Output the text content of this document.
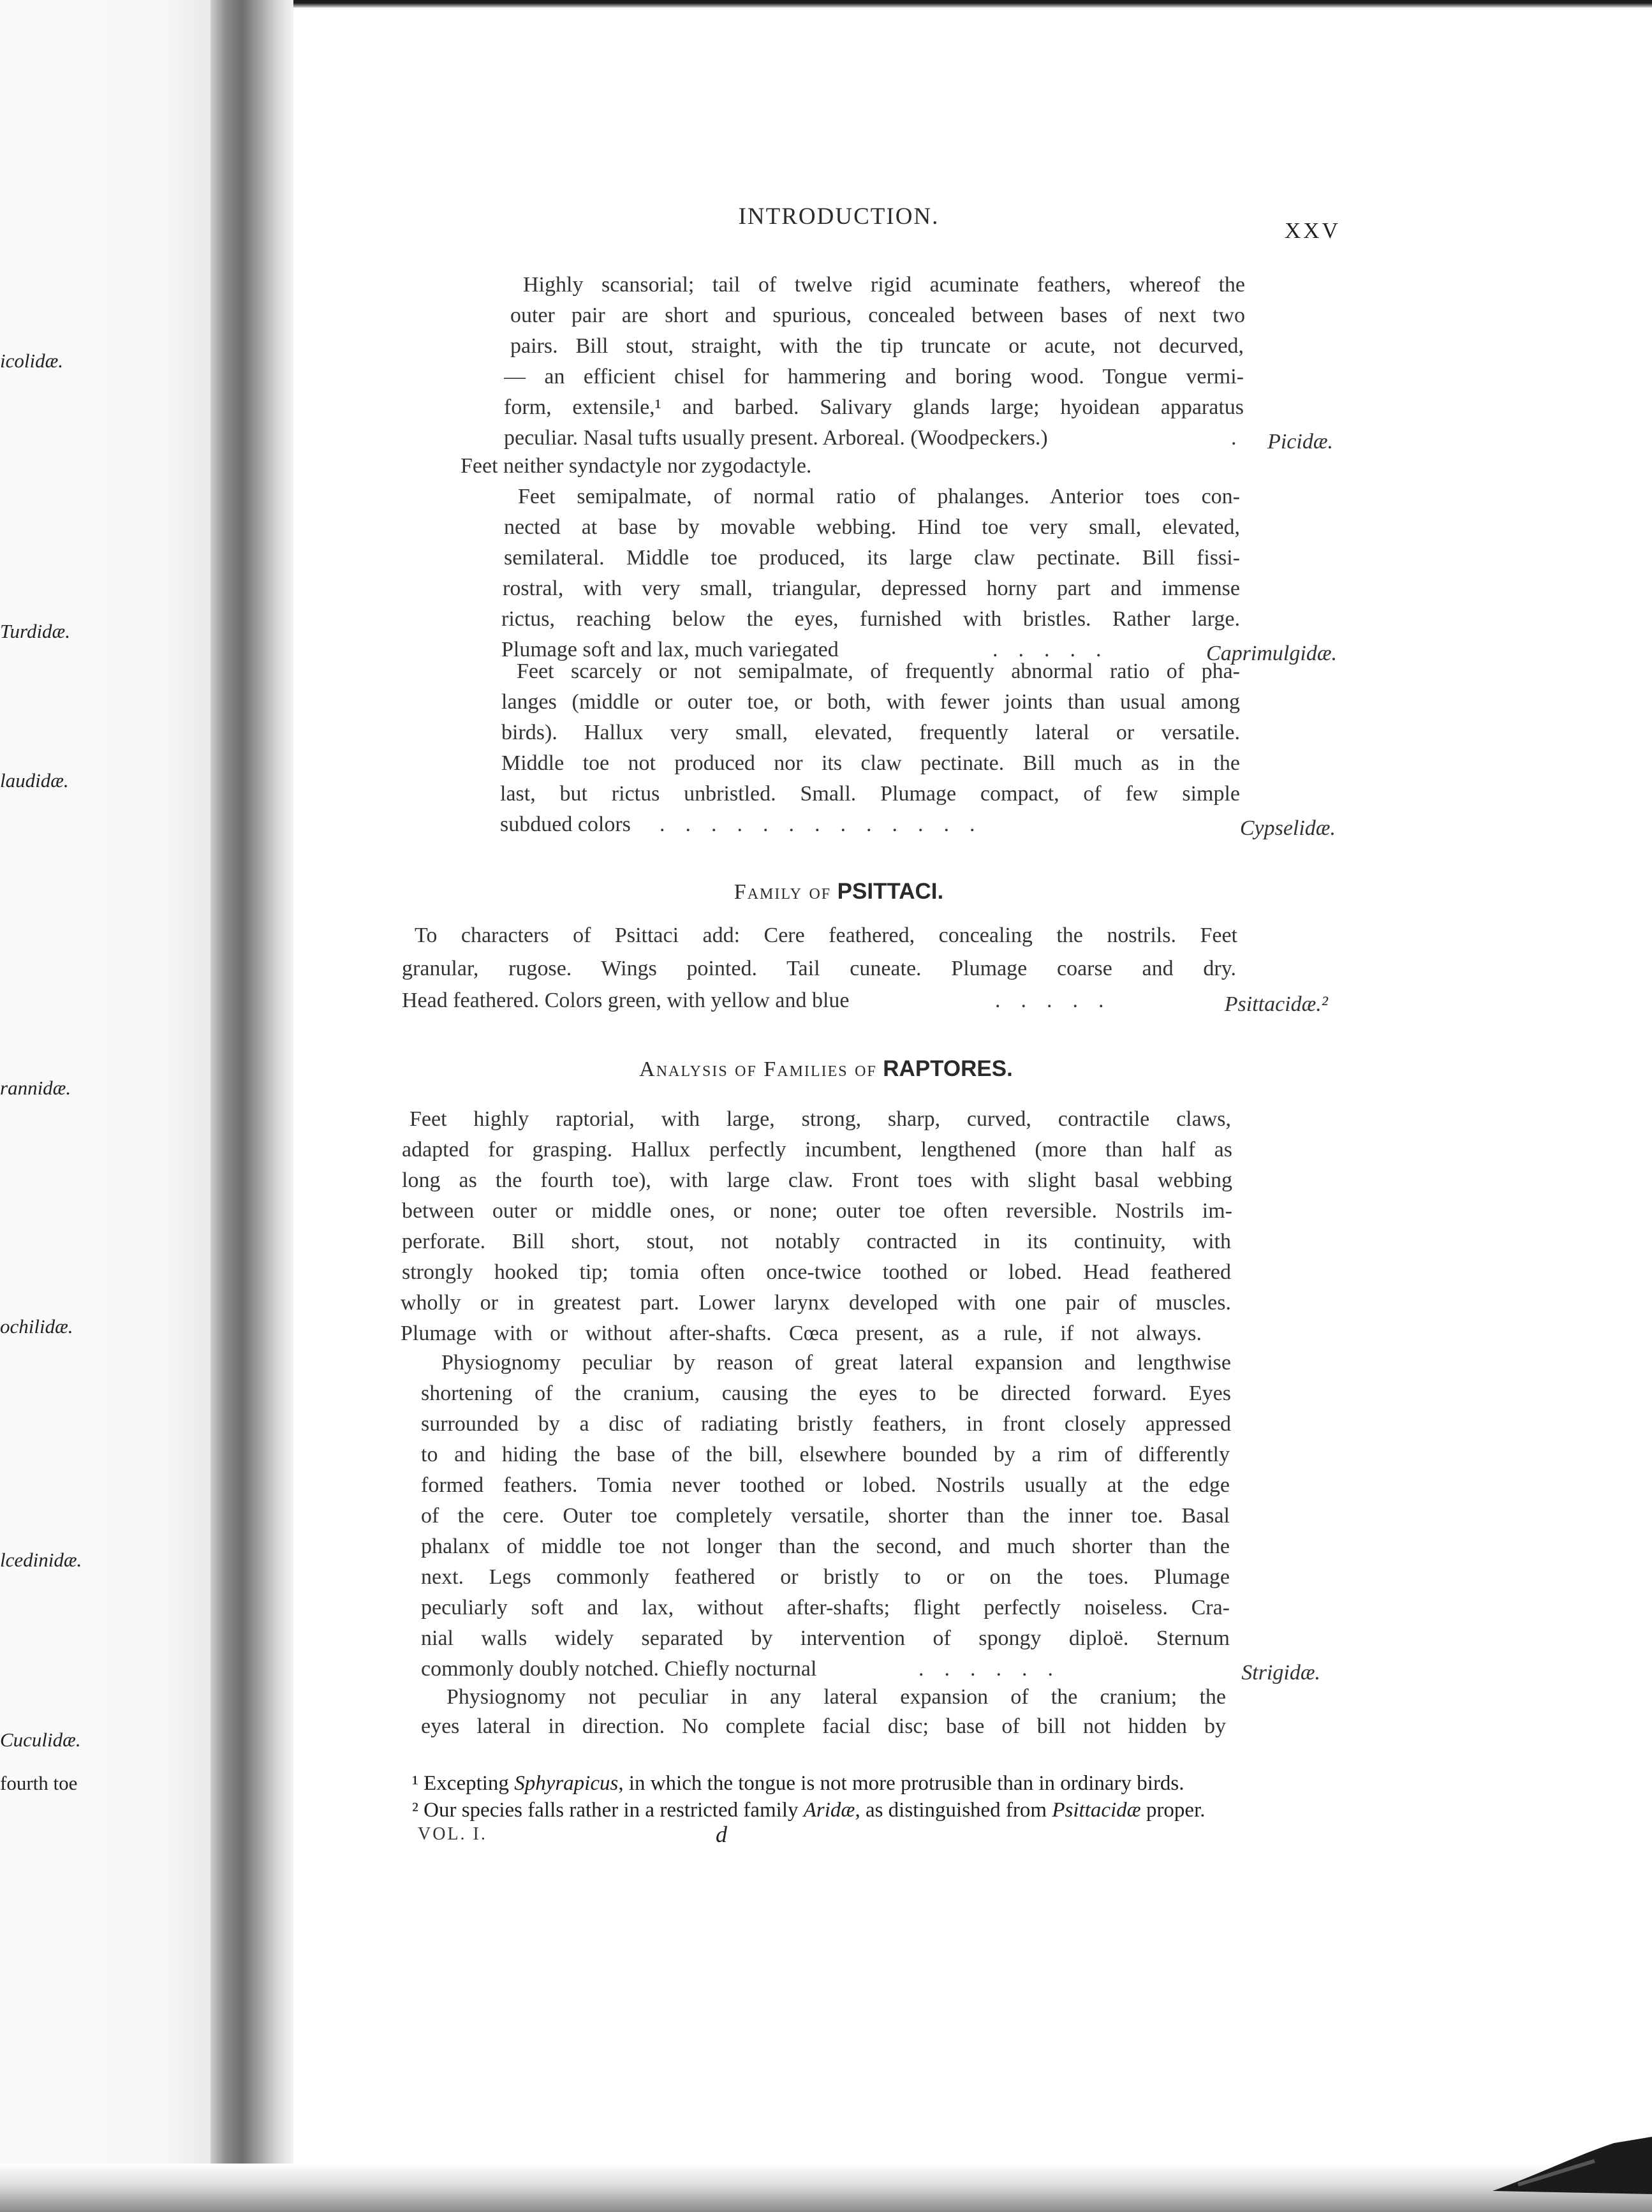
icolidæ.
Turdidæ.
laudidæ.
rannidæ.
ochilidæ.
lcedinidæ.
Cuculidæ.
fourth toe
INTRODUCTION.
XXV
Highly scansorial; tail of twelve rigid acuminate feathers, whereof the
outer pair are short and spurious, concealed between bases of next two
pairs. Bill stout, straight, with the tip truncate or acute, not decurved,
— an efficient chisel for hammering and boring wood. Tongue vermi-
form, extensile,¹ and barbed. Salivary glands large; hyoidean apparatus
peculiar. Nasal tufts usually present. Arboreal. (Woodpeckers.)	. Picidæ.
Feet neither syndactyle nor zygodactyle.
Feet semipalmate, of normal ratio of phalanges. Anterior toes con-
nected at base by movable webbing. Hind toe very small, elevated,
semilateral. Middle toe produced, its large claw pectinate. Bill fissi-
rostral, with very small, triangular, depressed horny part and immense
rictus, reaching below the eyes, furnished with bristles. Rather large.
Plumage soft and lax, much variegated	.....	Caprimulgidæ.
Feet scarcely or not semipalmate, of frequently abnormal ratio of pha-
langes (middle or outer toe, or both, with fewer joints than usual among
birds). Hallux very small, elevated, frequently lateral or versatile.
Middle toe not produced nor its claw pectinate. Bill much as in the
last, but rictus unbristled. Small. Plumage compact, of few simple
subdued colors .............	Cypselidæ.
Family of PSITTACI.
To characters of Psittaci add: Cere feathered, concealing the nostrils. Feet
granular, rugose. Wings pointed. Tail cuneate. Plumage coarse and dry.
Head feathered. Colors green, with yellow and blue	.....	Psittacidæ.²
Analysis of Families of RAPTORES.
Feet highly raptorial, with large, strong, sharp, curved, contractile claws,
adapted for grasping. Hallux perfectly incumbent, lengthened (more than half as
long as the fourth toe), with large claw. Front toes with slight basal webbing
between outer or middle ones, or none; outer toe often reversible. Nostrils im-
perforate. Bill short, stout, not notably contracted in its continuity, with
strongly hooked tip; tomia often once-twice toothed or lobed. Head feathered
wholly or in greatest part. Lower larynx developed with one pair of muscles.
Plumage with or without after-shafts. Cœca present, as a rule, if not always.
Physiognomy peculiar by reason of great lateral expansion and lengthwise
shortening of the cranium, causing the eyes to be directed forward. Eyes
surrounded by a disc of radiating bristly feathers, in front closely appressed
to and hiding the base of the bill, elsewhere bounded by a rim of differently
formed feathers. Tomia never toothed or lobed. Nostrils usually at the edge
of the cere. Outer toe completely versatile, shorter than the inner toe. Basal
phalanx of middle toe not longer than the second, and much shorter than the
next. Legs commonly feathered or bristly to or on the toes. Plumage
peculiarly soft and lax, without after-shafts; flight perfectly noiseless. Cra-
nial walls widely separated by intervention of spongy diploë. Sternum
commonly doubly notched. Chiefly nocturnal	......	Strigidæ.
Physiognomy not peculiar in any lateral expansion of the cranium; the
eyes lateral in direction. No complete facial disc; base of bill not hidden by
¹ Excepting Sphyrapicus, in which the tongue is not more protrusible than in ordinary birds.
² Our species falls rather in a restricted family Aridæ, as distinguished from Psittacidæ proper.
VOL. I.	d
